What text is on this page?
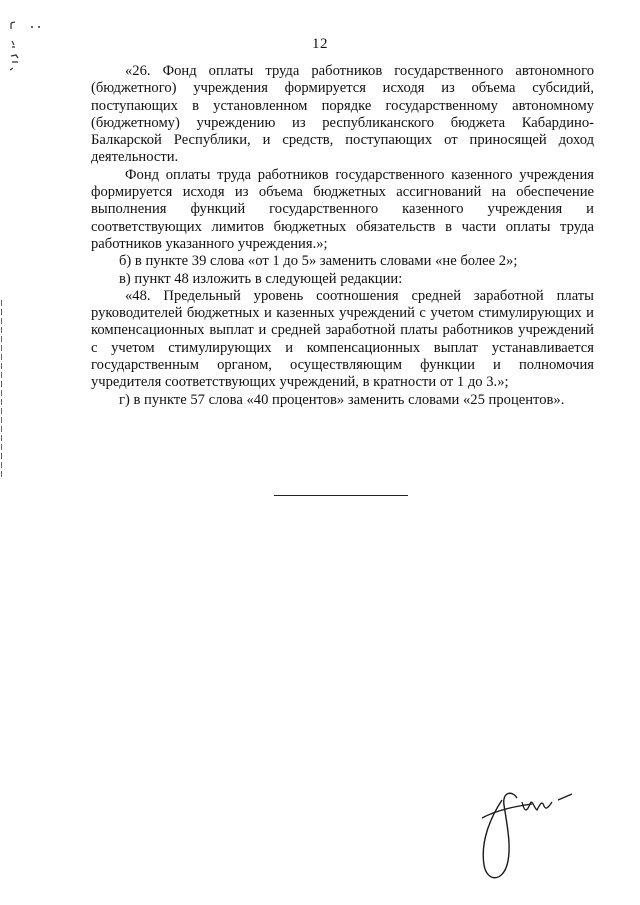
12

«26. Фонд оплаты труда работников государственного автономного (бюджетного) учреждения формируется исходя из объема субсидий, поступающих в установленном порядке государственному автономному (бюджетному) учреждению из республиканского бюджета Кабардино-Балкарской Республики, и средств, поступающих от приносящей доход деятельности.

Фонд оплаты труда работников государственного казенного учреждения формируется исходя из объема бюджетных ассигнований на обеспечение выполнения функций государственного казенного учреждения и соответствующих лимитов бюджетных обязательств в части оплаты труда работников указанного учреждения.»;

б) в пункте 39 слова «от 1 до 5» заменить словами «не более 2»;

в) пункт 48 изложить в следующей редакции:

«48. Предельный уровень соотношения средней заработной платы руководителей бюджетных и казенных учреждений с учетом стимулирующих и компенсационных выплат и средней заработной платы работников учреждений с учетом стимулирующих и компенсационных выплат устанавливается государственным органом, осуществляющим функции и полномочия учредителя соответствующих учреждений, в кратности от 1 до 3.»;

г) в пункте 57 слова «40 процентов» заменить словами «25 процентов».
